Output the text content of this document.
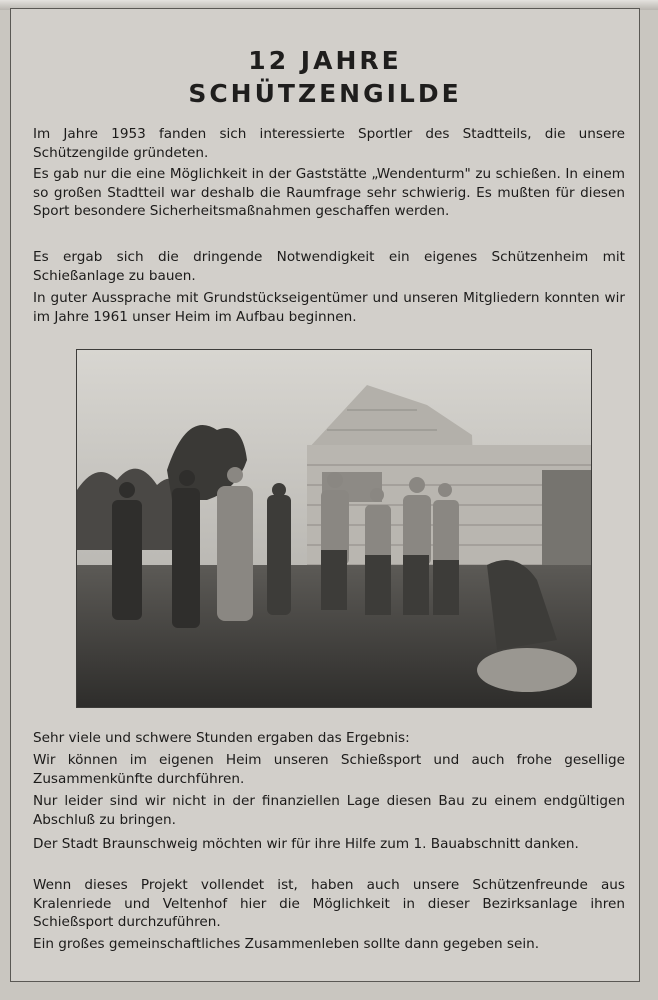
12 JAHRE
SCHÜTZENGILDE
Im Jahre 1953 fanden sich interessierte Sportler des Stadtteils, die unsere Schützengilde gründeten.
Es gab nur die eine Möglichkeit in der Gaststätte „Wendenturm" zu schießen. In einem so großen Stadtteil war deshalb die Raumfrage sehr schwierig. Es mußten für diesen Sport besondere Sicherheitsmaßnahmen geschaffen werden.
Es ergab sich die dringende Notwendigkeit ein eigenes Schützenheim mit Schießanlage zu bauen.
In guter Aussprache mit Grundstückseigentümer und unseren Mitgliedern konnten wir im Jahre 1961 unser Heim im Aufbau beginnen.
Sehr viele und schwere Stunden ergaben das Ergebnis:
Wir können im eigenen Heim unseren Schießsport und auch frohe gesellige Zusammenkünfte durchführen.
Nur leider sind wir nicht in der finanziellen Lage diesen Bau zu einem endgültigen Abschluß zu bringen.
Der Stadt Braunschweig möchten wir für ihre Hilfe zum 1. Bauabschnitt danken.
Wenn dieses Projekt vollendet ist, haben auch unsere Schützenfreunde aus Kralenriede und Veltenhof hier die Möglichkeit in dieser Bezirksanlage ihren Schießsport durchzuführen.
Ein großes gemeinschaftliches Zusammenleben sollte dann gegeben sein.
